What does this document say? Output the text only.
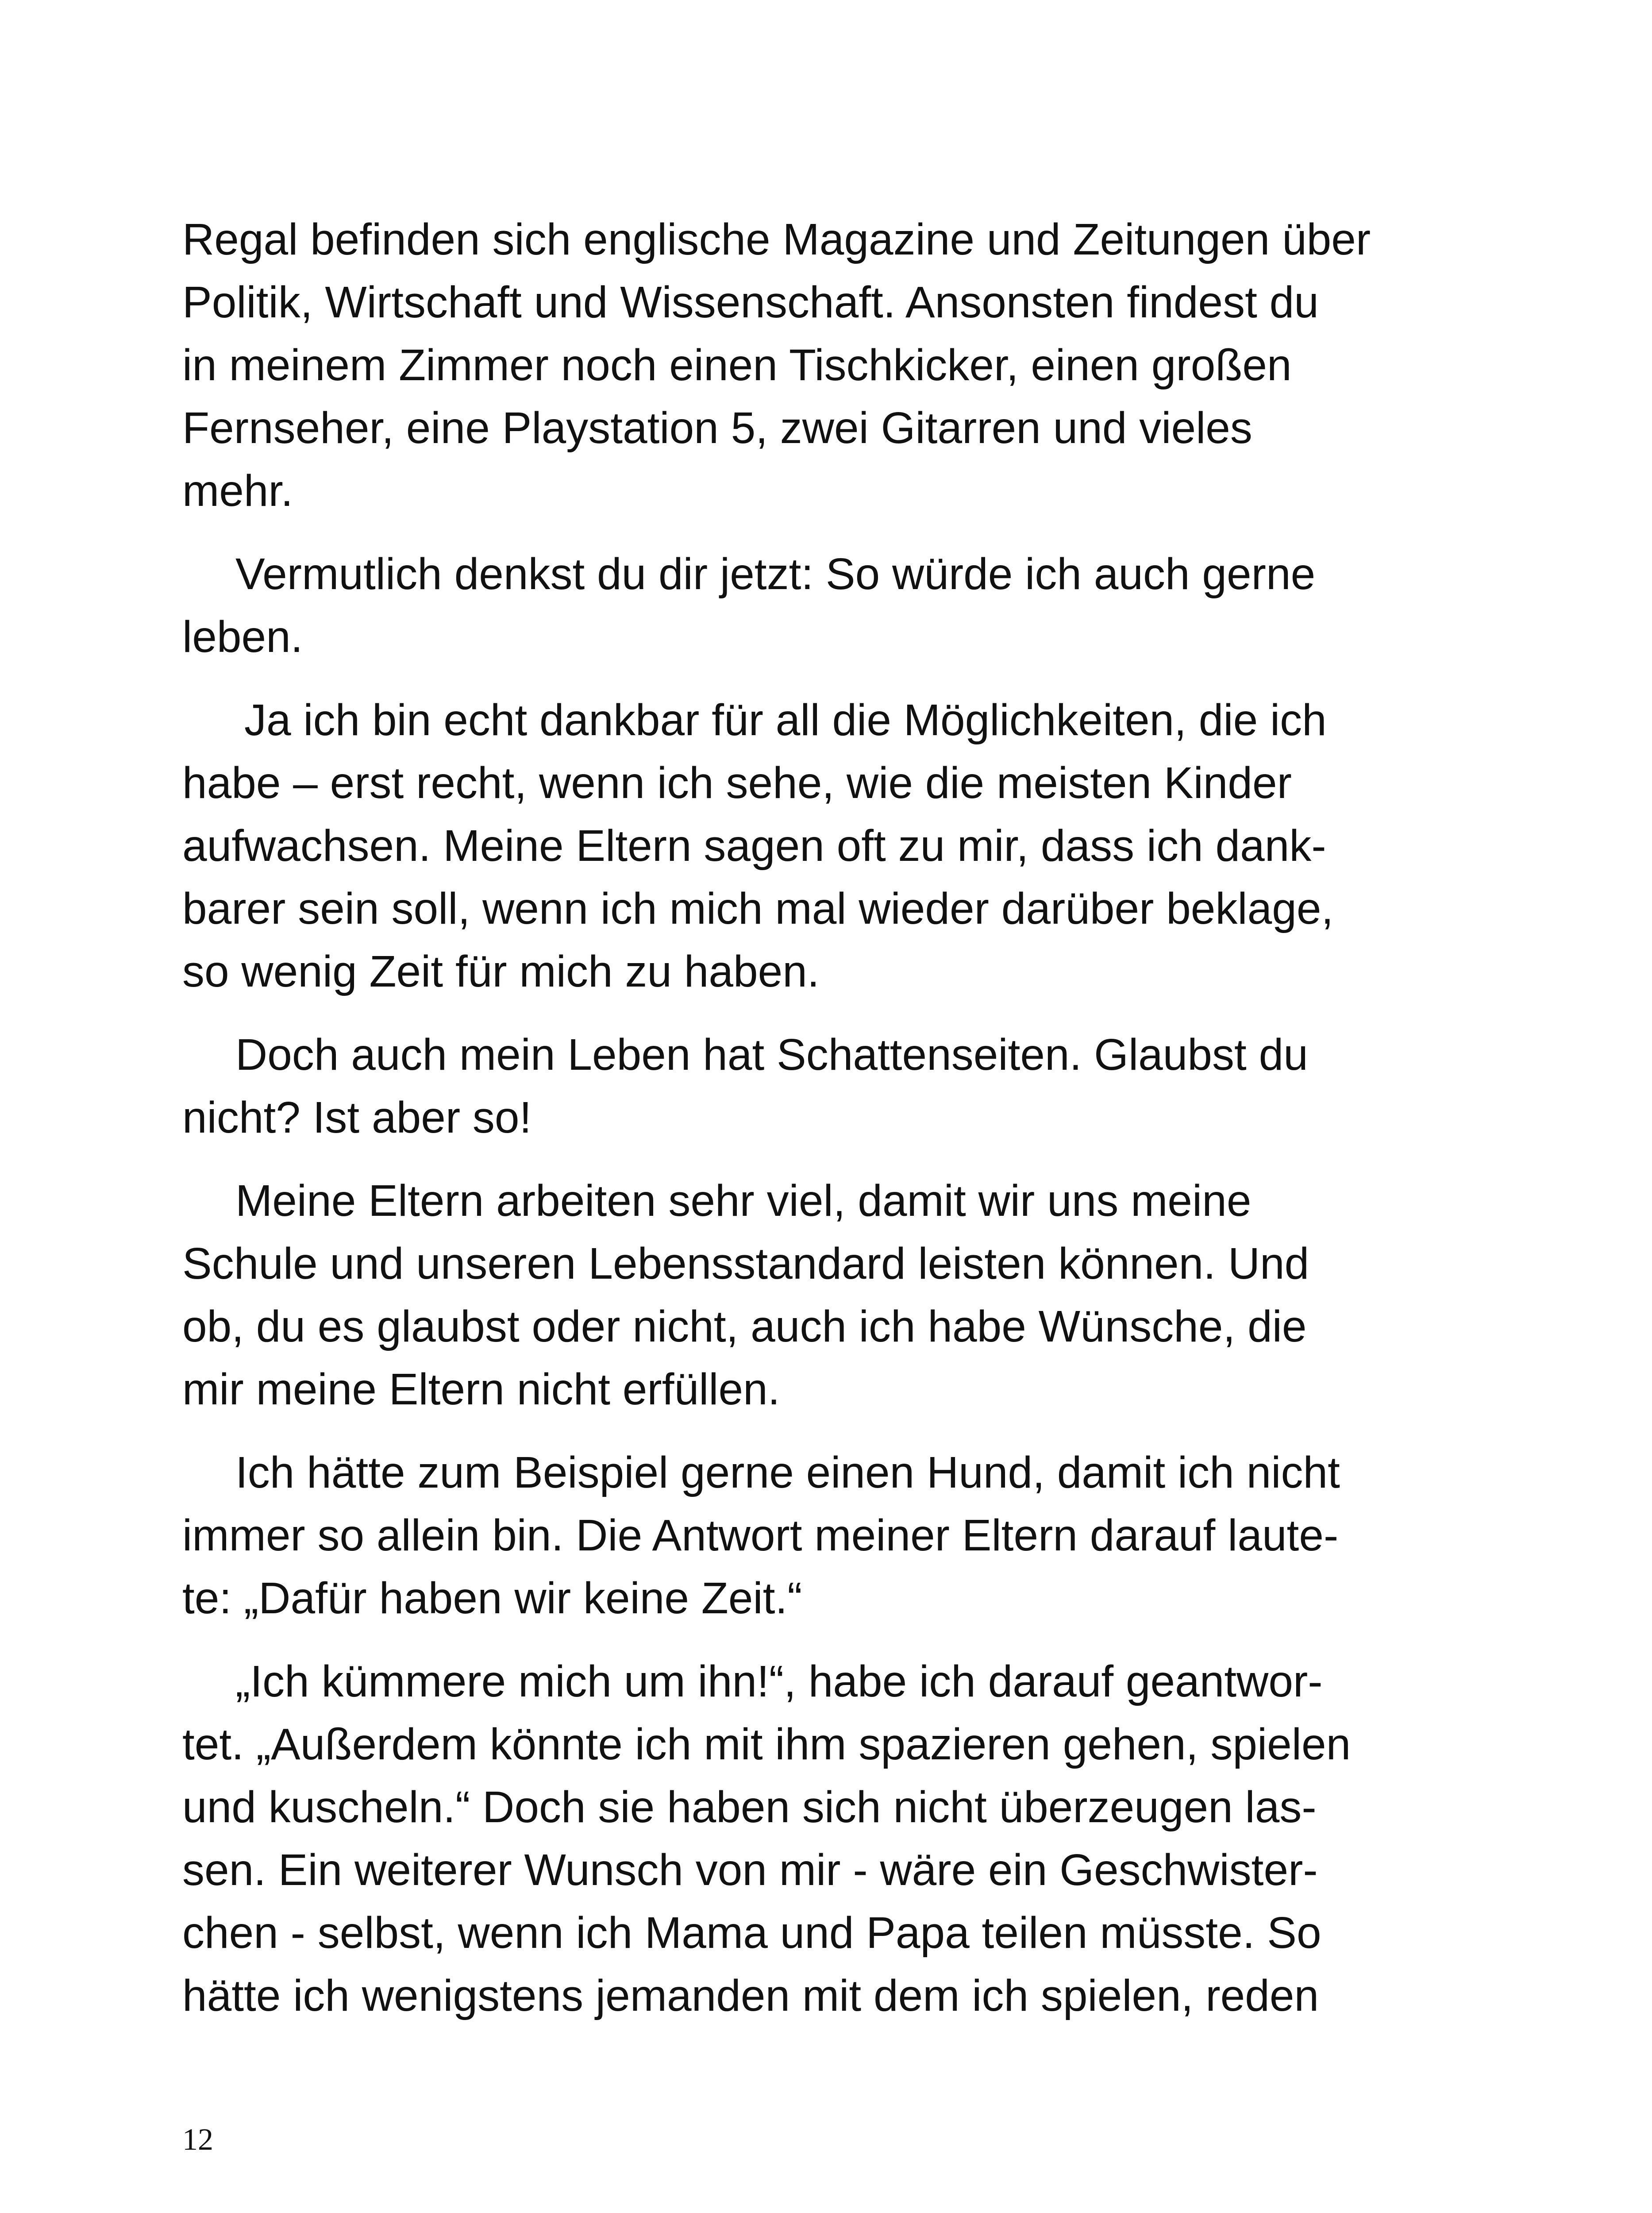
Regal befinden sich englische Magazine und Zeitungen über
Politik, Wirtschaft und Wissenschaft. Ansonsten findest du
in meinem Zimmer noch einen Tischkicker, einen großen
Fernseher, eine Playstation 5, zwei Gitarren und vieles
mehr.

Vermutlich denkst du dir jetzt: So würde ich auch gerne
leben.

Ja ich bin echt dankbar für all die Möglichkeiten, die ich
habe – erst recht, wenn ich sehe, wie die meisten Kinder
aufwachsen. Meine Eltern sagen oft zu mir, dass ich dank-
barer sein soll, wenn ich mich mal wieder darüber beklage,
so wenig Zeit für mich zu haben.

Doch auch mein Leben hat Schattenseiten. Glaubst du
nicht? Ist aber so!

Meine Eltern arbeiten sehr viel, damit wir uns meine
Schule und unseren Lebensstandard leisten können. Und
ob, du es glaubst oder nicht, auch ich habe Wünsche, die
mir meine Eltern nicht erfüllen.

Ich hätte zum Beispiel gerne einen Hund, damit ich nicht
immer so allein bin. Die Antwort meiner Eltern darauf laute-
te: „Dafür haben wir keine Zeit.“

„Ich kümmere mich um ihn!“, habe ich darauf geantwor-
tet. „Außerdem könnte ich mit ihm spazieren gehen, spielen
und kuscheln.“ Doch sie haben sich nicht überzeugen las-
sen. Ein weiterer Wunsch von mir - wäre ein Geschwister-
chen - selbst, wenn ich Mama und Papa teilen müsste. So
hätte ich wenigstens jemanden mit dem ich spielen, reden

12
